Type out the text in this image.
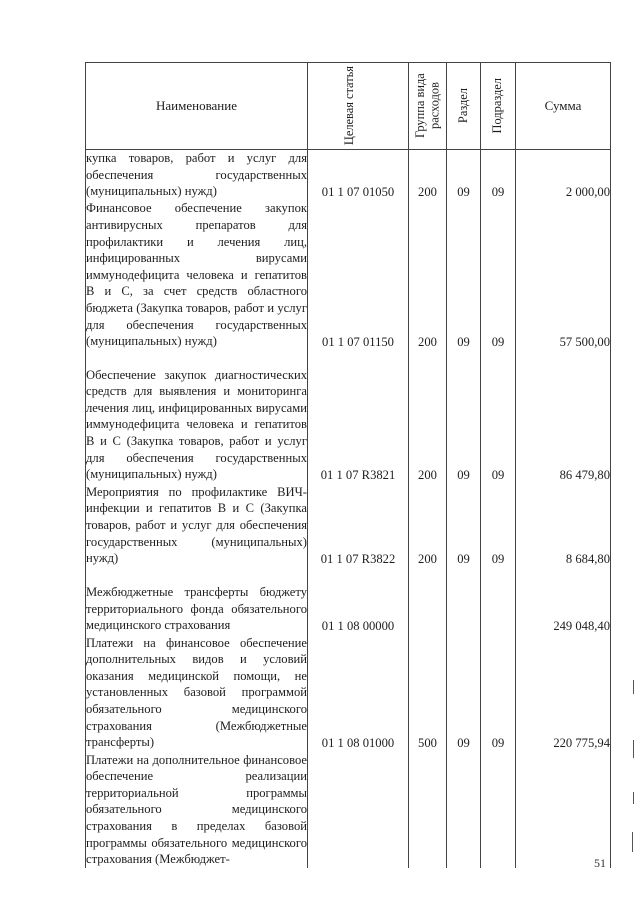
Наименование	Целевая статья	Группа вида расходов	Раздел	Подраздел	Сумма

купка товаров, работ и услуг для обеспечения государственных (муниципальных) нужд)	01 1 07 01050	200	09	09	2 000,00
Финансовое обеспечение закупок антивирусных препаратов для профилактики и лечения лиц, инфицированных вирусами иммунодефицита человека и гепатитов В и С, за счет средств областного бюджета (Закупка товаров, работ и услуг для обеспечения государственных (муниципальных) нужд)	01 1 07 01150	200	09	09	57 500,00
Обеспечение закупок диагностических средств для выявления и мониторинга лечения лиц, инфицированных вирусами иммунодефицита человека и гепатитов В и С (Закупка товаров, работ и услуг для обеспечения государственных (муниципальных) нужд)	01 1 07 R3821	200	09	09	86 479,80
Мероприятия по профилактике ВИЧ-инфекции и гепатитов В и С (Закупка товаров, работ и услуг для обеспечения государственных (муниципальных) нужд)	01 1 07 R3822	200	09	09	8 684,80
Межбюджетные трансферты бюджету территориального фонда обязательного медицинского страхования	01 1 08 00000				249 048,40
Платежи на финансовое обеспечение дополнительных видов и условий оказания медицинской помощи, не установленных базовой программой обязательного медицинского страхования (Межбюджетные трансферты)	01 1 08 01000	500	09	09	220 775,94
Платежи на дополнительное финансовое обеспечение реализации территориальной программы обязательного медицинского страхования в пределах базовой программы обязательного медицинского страхования (Межбюджет-						51
